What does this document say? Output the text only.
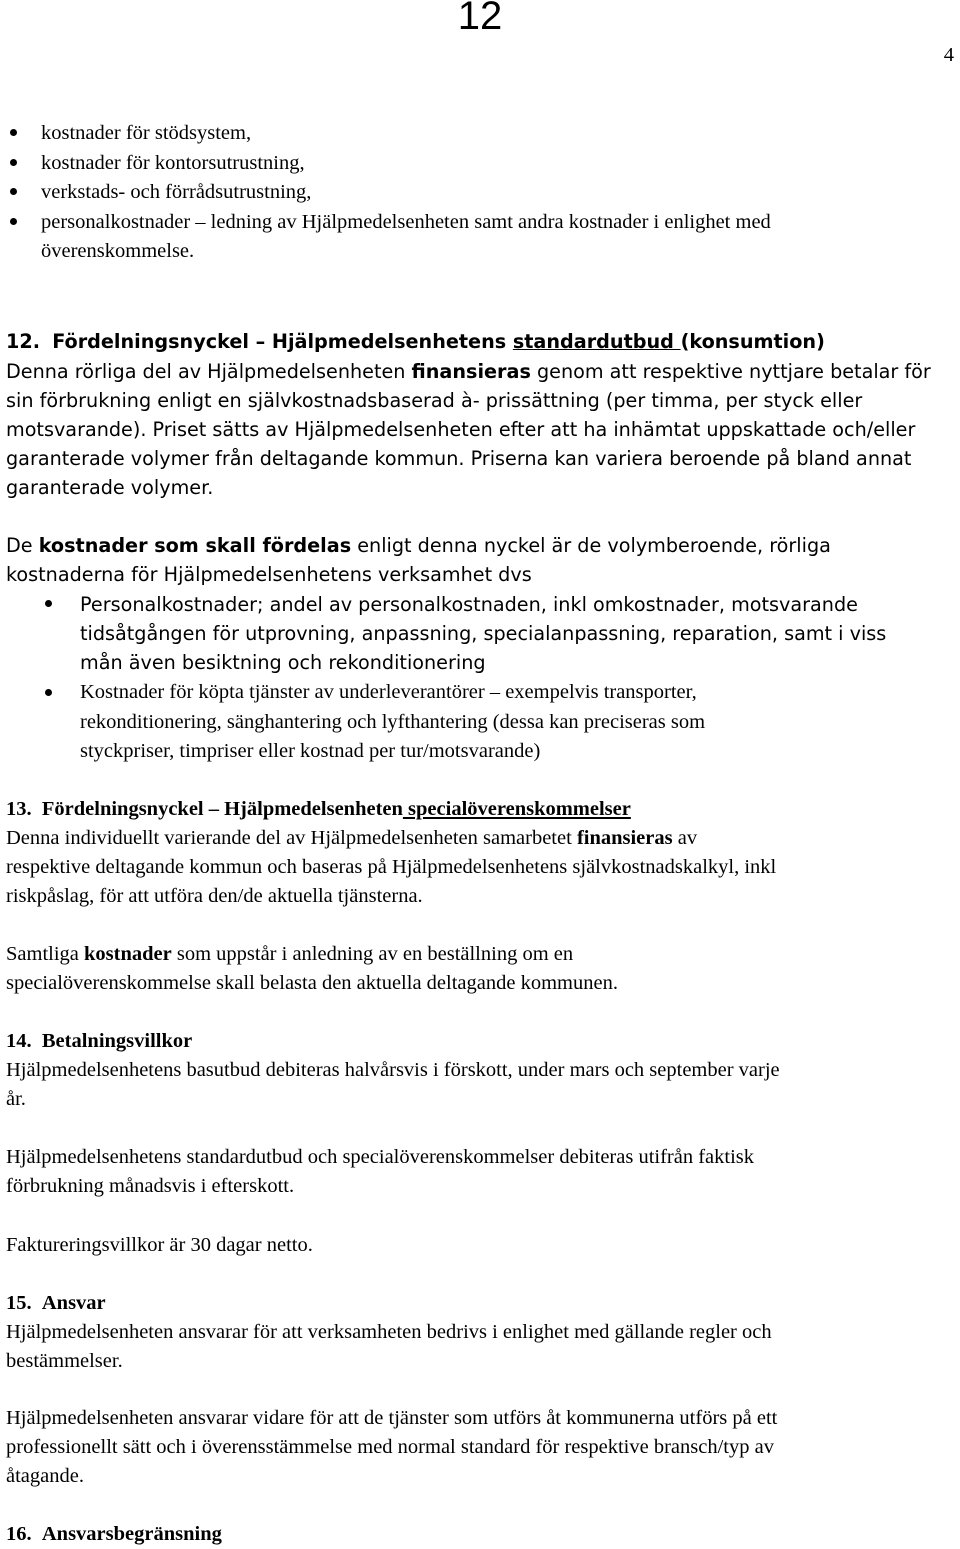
12
4
kostnader för stödsystem,
kostnader för kontorsutrustning,
verkstads- och förrådsutrustning,
personalkostnader – ledning av Hjälpmedelsenheten samt andra kostnader i enlighet med
överenskommelse.
12. Fördelningsnyckel – Hjälpmedelsenhetens standardutbud (konsumtion)
Denna rörliga del av Hjälpmedelsenheten finansieras genom att respektive nyttjare betalar för
sin förbrukning enligt en självkostnadsbaserad à- prissättning (per timma, per styck eller
motsvarande). Priset sätts av Hjälpmedelsenheten efter att ha inhämtat uppskattade och/eller
garanterade volymer från deltagande kommun. Priserna kan variera beroende på bland annat
garanterade volymer.
De kostnader som skall fördelas enligt denna nyckel är de volymberoende, rörliga
kostnaderna för Hjälpmedelsenhetens verksamhet dvs
Personalkostnader; andel av personalkostnaden, inkl omkostnader, motsvarande
tidsåtgången för utprovning, anpassning, specialanpassning, reparation, samt i viss
mån även besiktning och rekonditionering
Kostnader för köpta tjänster av underleverantörer – exempelvis transporter,
rekonditionering, sänghantering och lyfthantering (dessa kan preciseras som
styckpriser, timpriser eller kostnad per tur/motsvarande)
13. Fördelningsnyckel – Hjälpmedelsenheten specialöverenskommelser
Denna individuellt varierande del av Hjälpmedelsenheten samarbetet finansieras av
respektive deltagande kommun och baseras på Hjälpmedelsenhetens självkostnadskalkyl, inkl
riskpåslag, för att utföra den/de aktuella tjänsterna.
Samtliga kostnader som uppstår i anledning av en beställning om en
specialöverenskommelse skall belasta den aktuella deltagande kommunen.
14. Betalningsvillkor
Hjälpmedelsenhetens basutbud debiteras halvårsvis i förskott, under mars och september varje
år.
Hjälpmedelsenhetens standardutbud och specialöverenskommelser debiteras utifrån faktisk
förbrukning månadsvis i efterskott.
Faktureringsvillkor är 30 dagar netto.
15. Ansvar
Hjälpmedelsenheten ansvarar för att verksamheten bedrivs i enlighet med gällande regler och
bestämmelser.
Hjälpmedelsenheten ansvarar vidare för att de tjänster som utförs åt kommunerna utförs på ett
professionellt sätt och i överensstämmelse med normal standard för respektive bransch/typ av
åtagande.
16. Ansvarsbegränsning
